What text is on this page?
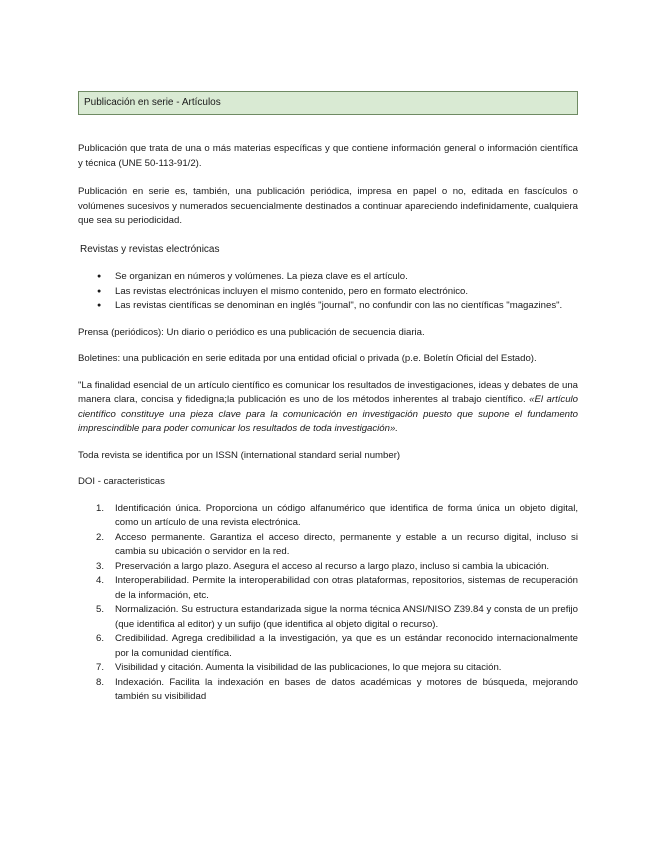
Publicación en serie - Artículos

Publicación que trata de una o más materias específicas y que contiene información general o información científica y técnica (UNE 50-113-91/2).

Publicación en serie es, también, una publicación periódica, impresa en papel o no, editada en fascículos o volúmenes sucesivos y numerados secuencialmente destinados a continuar apareciendo indefinidamente, cualquiera que sea su periodicidad.

Revistas y revistas electrónicas

● Se organizan en números y volúmenes. La pieza clave es el artículo.
● Las revistas electrónicas incluyen el mismo contenido, pero en formato electrónico.
● Las revistas científicas se denominan en inglés "journal", no confundir con las no científicas "magazines".

Prensa (periódicos): Un diario o periódico es una publicación de secuencia diaria.

Boletines: una publicación en serie editada por una entidad oficial o privada (p.e. Boletín Oficial del Estado).

"La finalidad esencial de un artículo científico es comunicar los resultados de investigaciones, ideas y debates de una manera clara, concisa y fidedigna;la publicación es uno de los métodos inherentes al trabajo científico. «El artículo científico constituye una pieza clave para la comunicación en investigación puesto que supone el fundamento imprescindible para poder comunicar los resultados de toda investigación».

Toda revista se identifica por un ISSN (international standard serial number)

DOI - caracteristicas

1. Identificación única. Proporciona un código alfanumérico que identifica de forma única un objeto digital, como un artículo de una revista electrónica.
2. Acceso permanente. Garantiza el acceso directo, permanente y estable a un recurso digital, incluso si cambia su ubicación o servidor en la red.
3. Preservación a largo plazo. Asegura el acceso al recurso a largo plazo, incluso si cambia la ubicación.
4. Interoperabilidad. Permite la interoperabilidad con otras plataformas, repositorios, sistemas de recuperación de la información, etc.
5. Normalización. Su estructura estandarizada sigue la norma técnica ANSI/NISO Z39.84 y consta de un prefijo (que identifica al editor) y un sufijo (que identifica al objeto digital o recurso).
6. Credibilidad. Agrega credibilidad a la investigación, ya que es un estándar reconocido internacionalmente por la comunidad científica.
7. Visibilidad y citación. Aumenta la visibilidad de las publicaciones, lo que mejora su citación.
8. Indexación. Facilita la indexación en bases de datos académicas y motores de búsqueda, mejorando también su visibilidad
